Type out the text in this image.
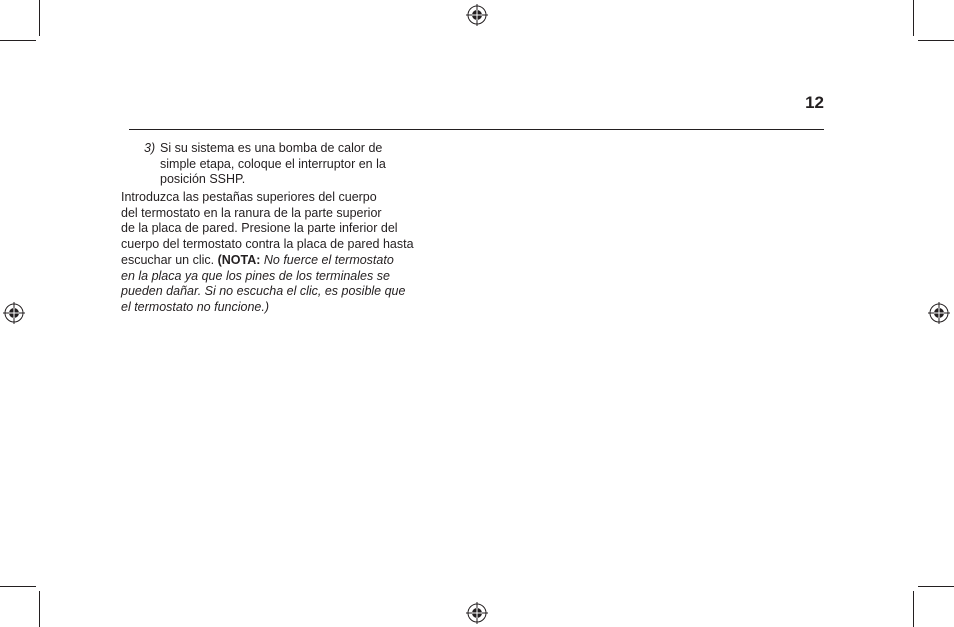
12
3) Si su sistema es una bomba de calor de
simple etapa, coloque el interruptor en la
posición SSHP.
Introduzca las pestañas superiores del cuerpo
del termostato en la ranura de la parte superior
de la placa de pared. Presione la parte inferior del
cuerpo del termostato contra la placa de pared hasta
escuchar un clic. (NOTA: No fuerce el termostato
en la placa ya que los pines de los terminales se
pueden dañar. Si no escucha el clic, es posible que
el termostato no funcione.)
